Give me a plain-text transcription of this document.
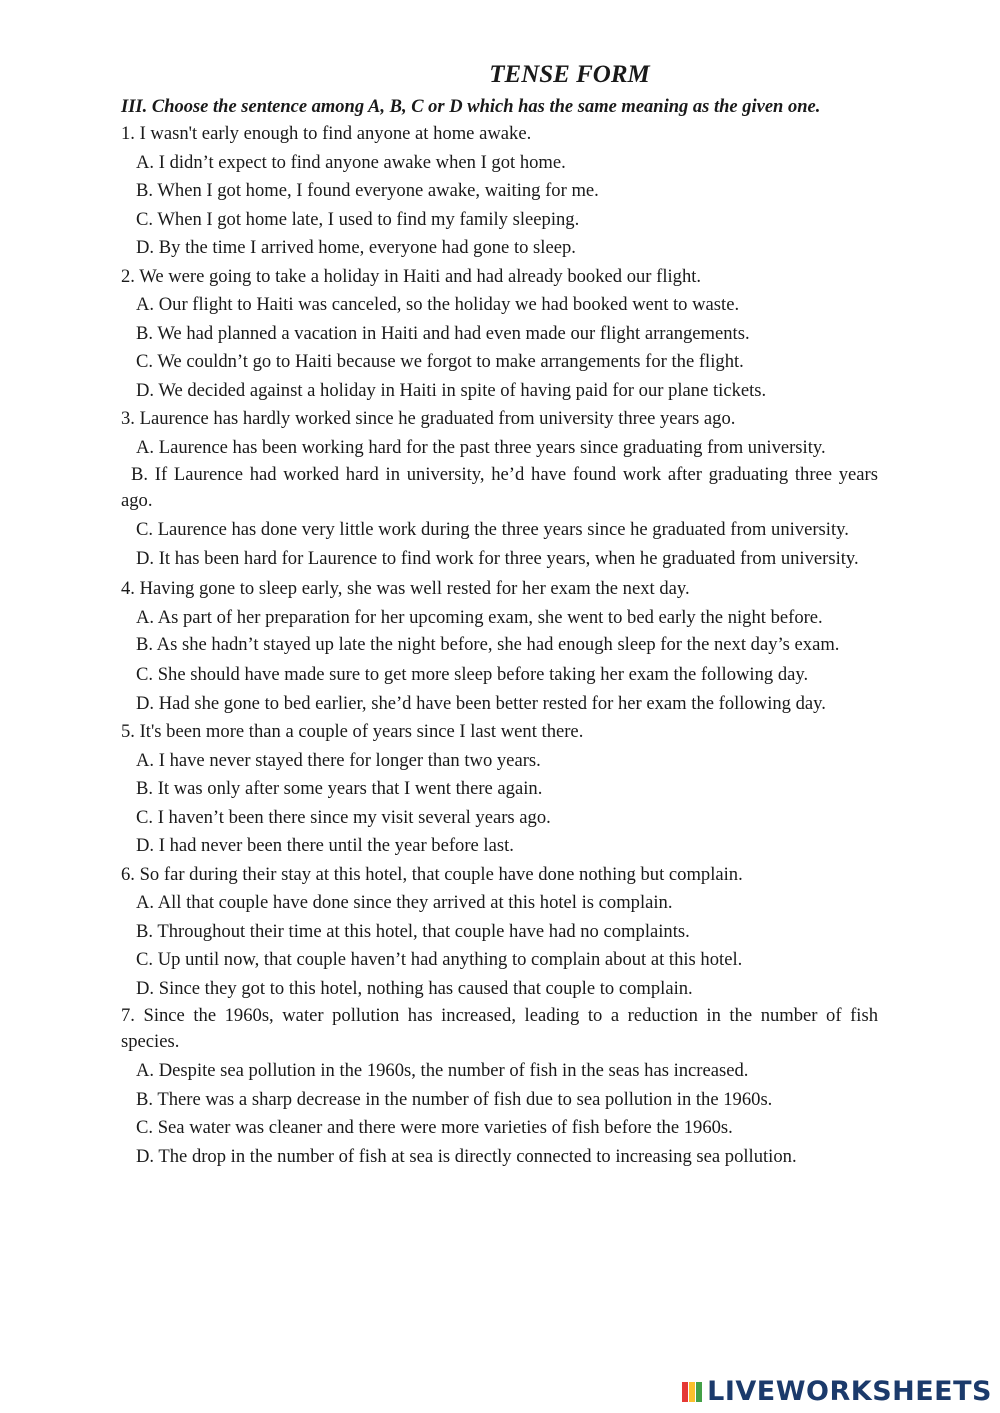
TENSE FORM

III. Choose the sentence among A, B, C or D which has the same meaning as the given one.

1. I wasn't early enough to find anyone at home awake.

A. I didn’t expect to find anyone awake when I got home.

B. When I got home, I found everyone awake, waiting for me.

C. When I got home late, I used to find my family sleeping.

D. By the time I arrived home, everyone had gone to sleep.

2. We were going to take a holiday in Haiti and had already booked our flight.

A. Our flight to Haiti was canceled, so the holiday we had booked went to waste.

B. We had planned a vacation in Haiti and had even made our flight arrangements.

C. We couldn’t go to Haiti because we forgot to make arrangements for the flight.

D. We decided against a holiday in Haiti in spite of having paid for our plane tickets.

3. Laurence has hardly worked since he graduated from university three years ago.

A. Laurence has been working hard for the past three years since graduating from university.

B. If Laurence had worked hard in university, he’d have found work after graduating three years ago.

C. Laurence has done very little work during the three years since he graduated from university.

D. It has been hard for Laurence to find work for three years, when he graduated from university.

4. Having gone to sleep early, she was well rested for her exam the next day.

A. As part of her preparation for her upcoming exam, she went to bed early the night before.

B. As she hadn’t stayed up late the night before, she had enough sleep for the next day’s exam.

C. She should have made sure to get more sleep before taking her exam the following day.

D. Had she gone to bed earlier, she’d have been better rested for her exam the following day.

5. It's been more than a couple of years since I last went there.

A. I have never stayed there for longer than two years.

B. It was only after some years that I went there again.

C. I haven’t been there since my visit several years ago.

D. I had never been there until the year before last.

6. So far during their stay at this hotel, that couple have done nothing but complain.

A. All that couple have done since they arrived at this hotel is complain.

B. Throughout their time at this hotel, that couple have had no complaints.

C. Up until now, that couple haven’t had anything to complain about at this hotel.

D. Since they got to this hotel, nothing has caused that couple to complain.

7. Since the 1960s, water pollution has increased, leading to a reduction in the number of fish species.

A. Despite sea pollution in the 1960s, the number of fish in the seas has increased.

B. There was a sharp decrease in the number of fish due to sea pollution in the 1960s.

C. Sea water was cleaner and there were more varieties of fish before the 1960s.

D. The drop in the number of fish at sea is directly connected to increasing sea pollution.

LIVEWORKSHEETS
